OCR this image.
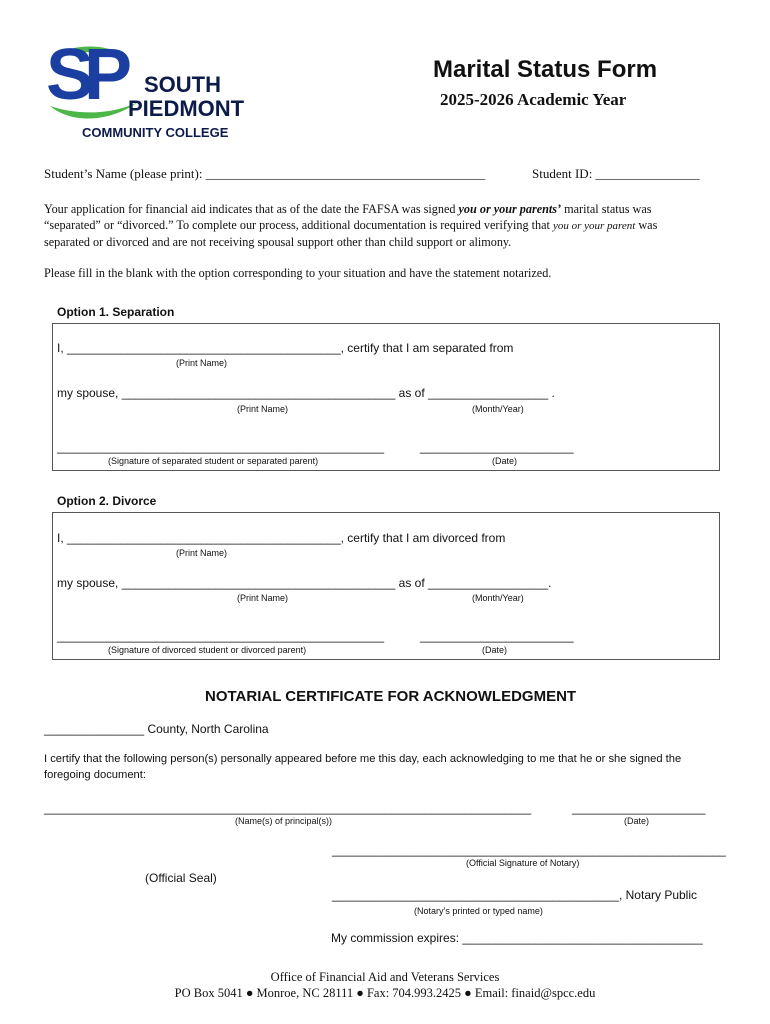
SP SOUTH
PIEDMONT
COMMUNITY COLLEGE
Marital Status Form
2025-2026 Academic Year
Student’s Name (please print): ___________________________________________	Student ID: ________________
Your application for financial aid indicates that as of the date the FAFSA was signed you or your parents’ marital status was
“separated” or “divorced.” To complete our process, additional documentation is required verifying that you or your parent was
separated or divorced and are not receiving spousal support other than child support or alimony.
Please fill in the blank with the option corresponding to your situation and have the statement notarized.
Option 1. Separation
I, _________________________________________, certify that I am separated from
(Print Name)
my spouse, _________________________________________ as of __________________ .
(Print Name)	(Month/Year)
_________________________________________________	_______________________
(Signature of separated student or separated parent)	(Date)
Option 2. Divorce
I, _________________________________________, certify that I am divorced from
(Print Name)
my spouse, _________________________________________ as of __________________.
(Print Name)	(Month/Year)
_________________________________________________	_______________________
(Signature of divorced student or divorced parent)	(Date)
NOTARIAL CERTIFICATE FOR ACKNOWLEDGMENT
_______________ County, North Carolina
I certify that the following person(s) personally appeared before me this day, each acknowledging to me that he or she signed the
foregoing document:
_________________________________________________________________________	____________________
(Name(s) of principal(s))	(Date)
___________________________________________________________
(Official Signature of Notary)
(Official Seal)
___________________________________________, Notary Public
(Notary’s printed or typed name)
My commission expires: ____________________________________
Office of Financial Aid and Veterans Services
PO Box 5041 ● Monroe, NC 28111 ● Fax: 704.993.2425 ● Email: finaid@spcc.edu
